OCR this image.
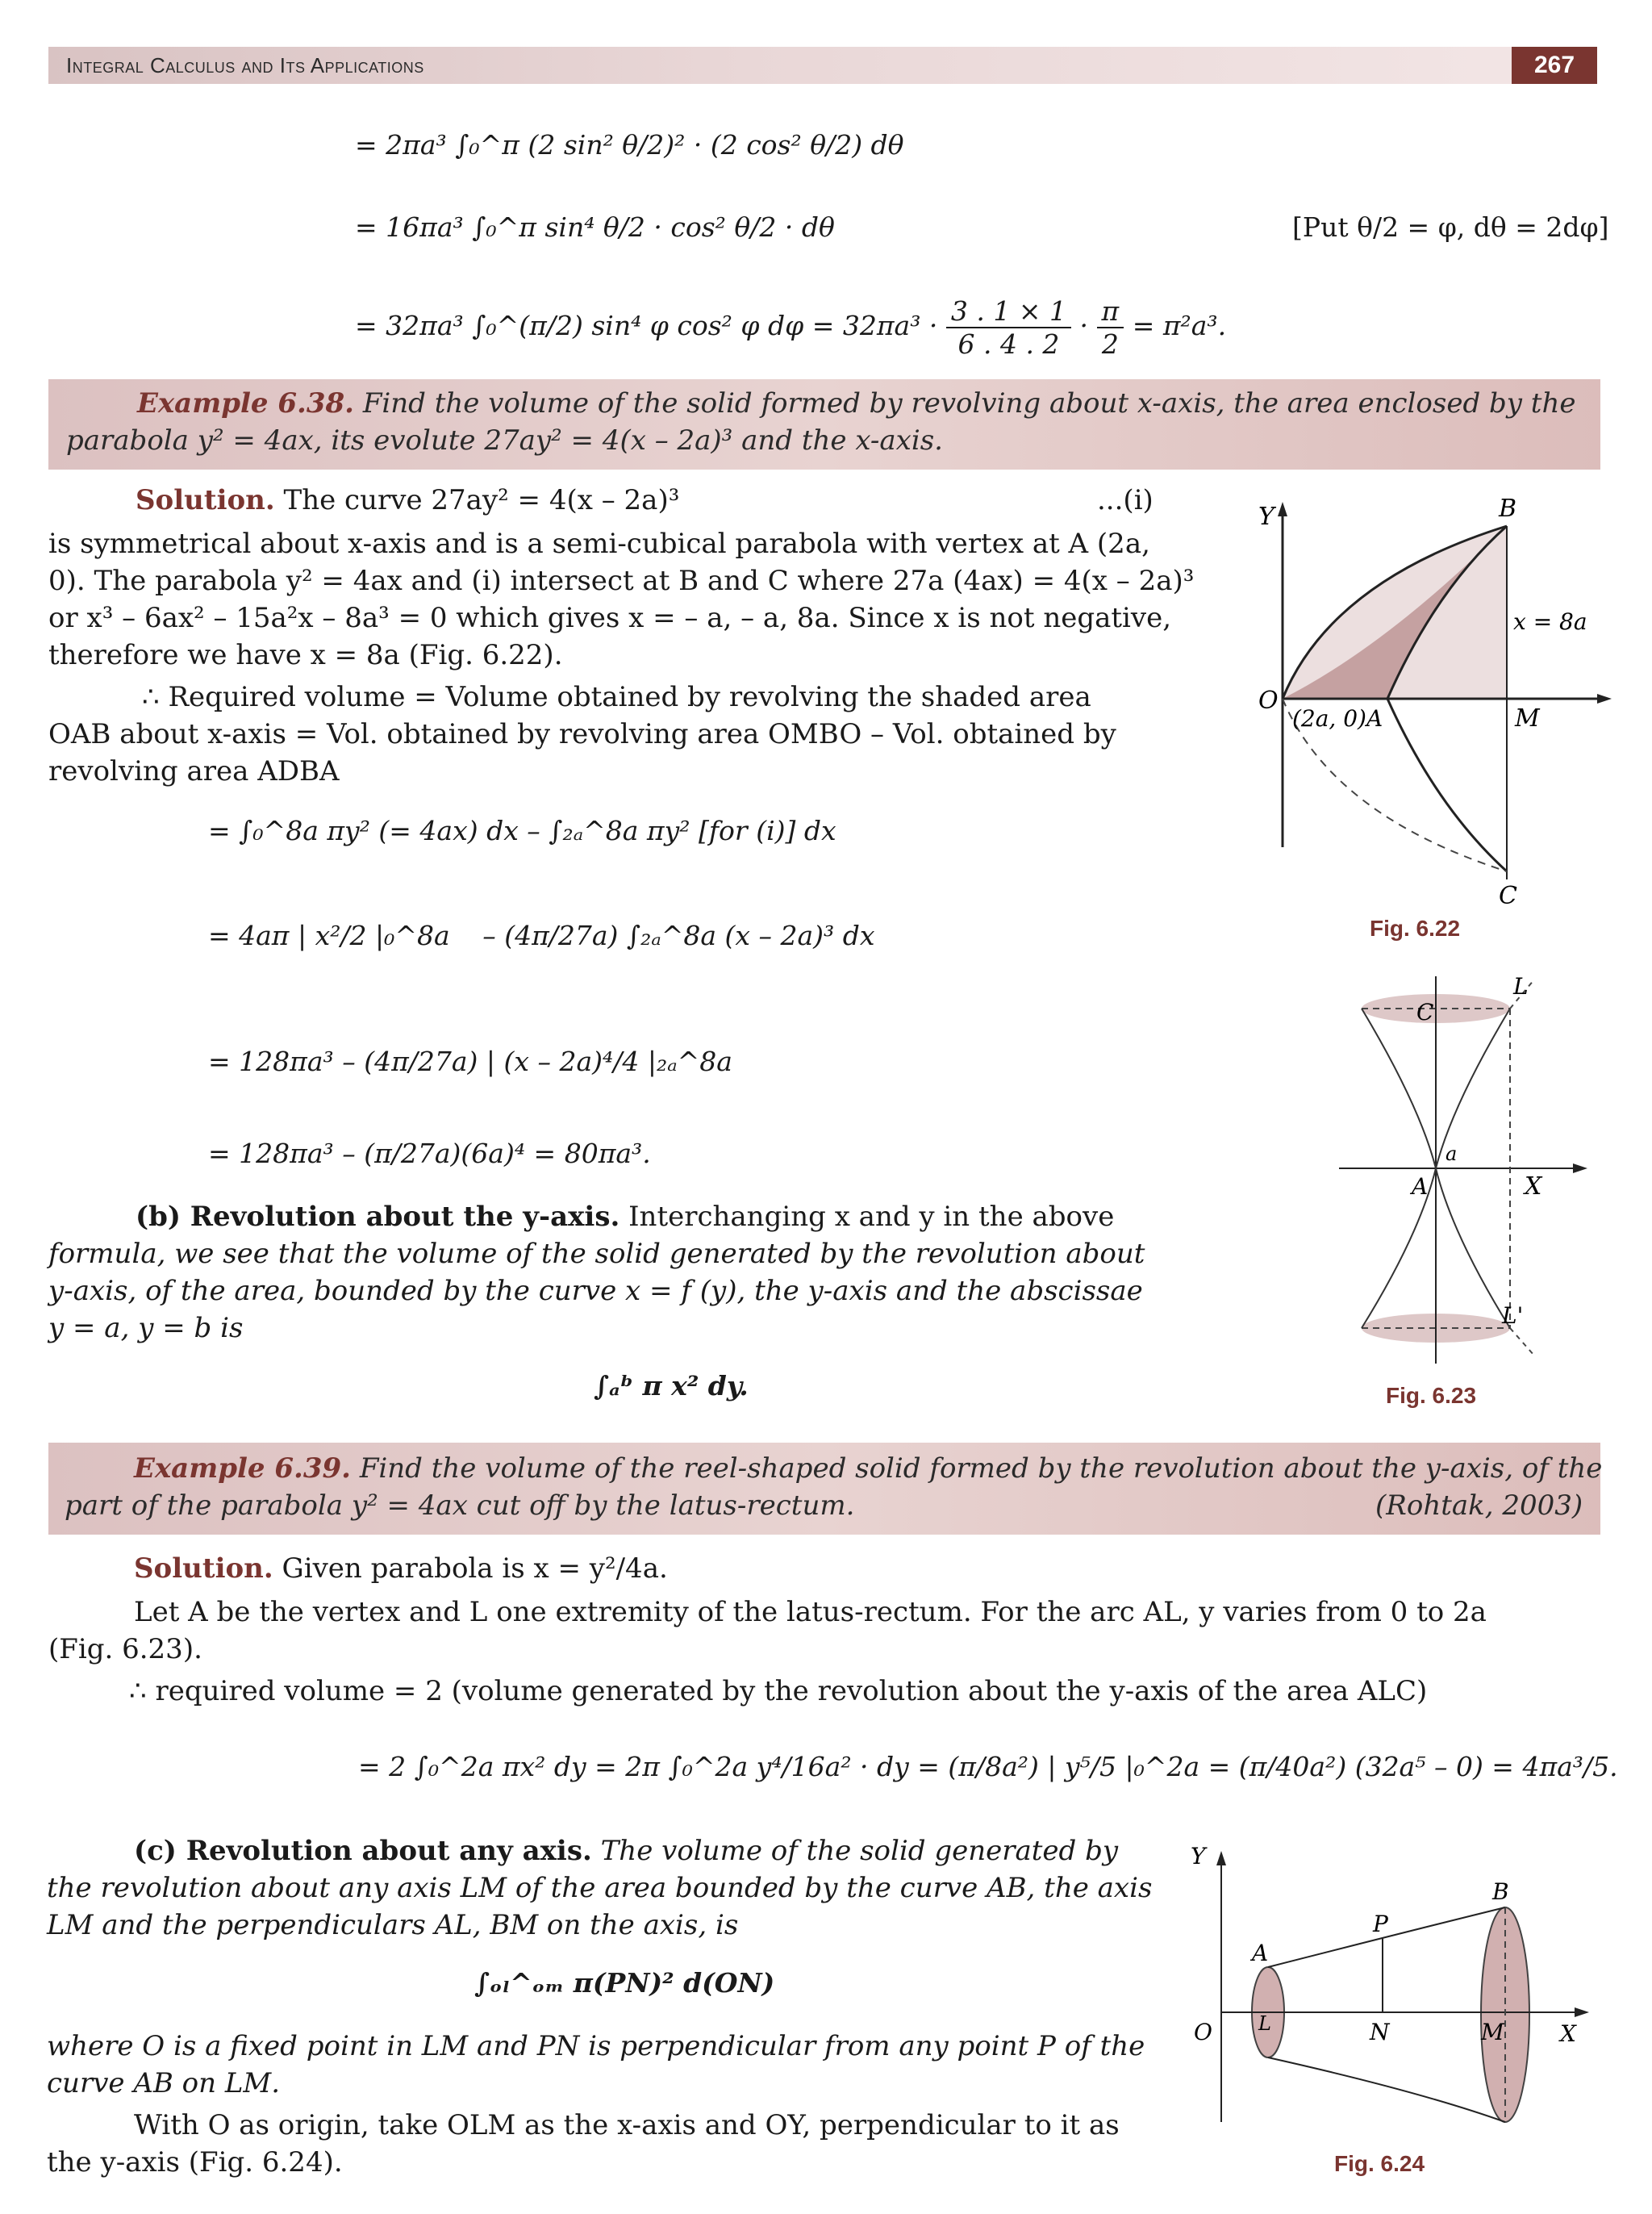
Integral Calculus and Its Applications	267
= 2πa³ ∫₀^π (2 sin² θ/2)² · (2 cos² θ/2) dθ
= 16πa³ ∫₀^π sin⁴ θ/2 · cos² θ/2 · dθ	[Put θ/2 = φ, dθ = 2dφ]
= 32πa³ ∫₀^(π/2) sin⁴ φ cos² φ $d\varphi = 32\pi a^3 \cdot \frac{3 . 1 \times 1}{6 . 4 . 2} \cdot \frac{\pi}{2} = \pi^2a^3$.
Example 6.38. Find the volume of the solid formed by revolving about x-axis, the area enclosed by the
parabola y² = 4ax, its evolute 27ay² = 4(x – 2a)³ and the x-axis.
Solution. The curve 27ay² = 4(x – 2a)³	...(i)
is symmetrical about x-axis and is a semi-cubical parabola with vertex at A (2a,
0). The parabola y² = 4ax and (i) intersect at B and C where 27a (4ax) = 4(x – 2a)³
or x³ – 6ax² – 15a²x – 8a³ = 0 which gives x = – a, – a, 8a. Since x is not negative,
therefore we have x = 8a (Fig. 6.22).
∴ Required volume = Volume obtained by revolving the shaded area
OAB about x-axis = Vol. obtained by revolving area OMBO – Vol. obtained by
revolving area ADBA
= ∫₀^8a πy² (= 4ax) dx – ∫₂ₐ^8a πy² [for (i)] dx
= 4aπ | x²/2 |₀^8a – (4π/27a) ∫₂ₐ^8a (x – 2a)³ dx
= 128πa³ – (4π/27a) | (x – 2a)⁴/4 |₂ₐ^8a
= 128πa³ – (π/27a)(6a)⁴ = 80πa³.
(b) Revolution about the y-axis. Interchanging x and y in the above
formula, we see that the volume of the solid generated by the revolution about
y-axis, of the area, bounded by the curve x = f (y), the y-axis and the abscissae
y = a, y = b is
∫ₐᵇ π x² dy.
Example 6.39. Find the volume of the reel-shaped solid formed by the revolution about the y-axis, of the
part of the parabola y² = 4ax cut off by the latus-rectum.	(Rohtak, 2003)
Solution. Given parabola is x = y²/4a.
Let A be the vertex and L one extremity of the latus-rectum. For the arc AL, y varies from 0 to 2a
(Fig. 6.23).
∴ required volume = 2 (volume generated by the revolution about the y-axis of the area ALC)
= 2 ∫₀^2a πx² dy = 2π ∫₀^2a y⁴/16a² · dy = (π/8a²) | y⁵/5 |₀^2a = (π/40a²) (32a⁵ – 0) = 4πa³/5.
(c) Revolution about any axis. The volume of the solid generated by
the revolution about any axis LM of the area bounded by the curve AB, the axis
LM and the perpendiculars AL, BM on the axis, is
∫ₒₗ^ₒₘ π(PN)² d(ON)
where O is a fixed point in LM and PN is perpendicular from any point P of the
curve AB on LM.
With O as origin, take OLM as the x-axis and OY, perpendicular to it as
the y-axis (Fig. 6.24).
Y
O
B
C
M
(2a, 0)A
x = 8a
Fig. 6.22
C
L
a
A	X
L'
Fig. 6.23
Y
O
A
L
P
N
B
M X
Fig. 6.24
